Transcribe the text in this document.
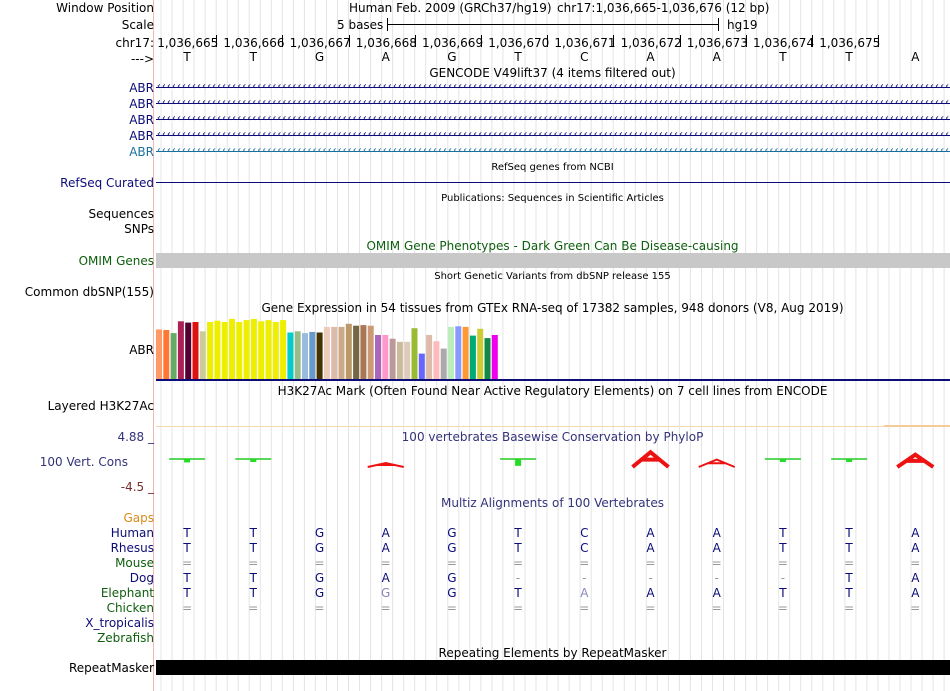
Window Position	Human Feb. 2009 (GRCh37/hg19) chr17:1,036,665-1,036,676 (12 bp)
Scale	5 bases	hg19
chr17: 1,036,665 1,036,666 1,036,667 1,036,668 1,036,669 1,036,670 1,036,671 1,036,672 1,036,673 1,036,674 1,036,675
--->	T	T	G	A	G	T	C	A	A	T	T	A
GENCODE V49lift37 (4 items filtered out)
ABR
ABR
ABR
ABR
ABR
RefSeq genes from NCBI
RefSeq Curated
Publications: Sequences in Scientific Articles
Sequences
SNPs
OMIM Gene Phenotypes - Dark Green Can Be Disease-causing
OMIM Genes
Short Genetic Variants from dbSNP release 155
Common dbSNP(155)
Gene Expression in 54 tissues from GTEx RNA-seq of 17382 samples, 948 donors (V8, Aug 2019)
ABR
H3K27Ac Mark (Often Found Near Active Regulatory Elements) on 7 cell lines from ENCODE
Layered H3K27Ac
100 vertebrates Basewise Conservation by PhyloP
4.88 _
100 Vert. Cons
-4.5 _
Multiz Alignments of 100 Vertebrates
Gaps
Human	T	T	G	A	G	T	C	A	A	T	T	A
Rhesus	T	T	G	A	G	T	C	A	A	T	T	A
Mouse	=	=	=	=	=	=	=	=	=	=	=	=
Dog	T	T	G	A	G	-	-	-	-	-	T	A
Elephant	T	T	G	G	G	T	A	A	A	T	T	A
Chicken	=	=	=	=	=	=	=	=	=	=	=	=
X_tropicalis
Zebrafish
Repeating Elements by RepeatMasker
RepeatMasker
